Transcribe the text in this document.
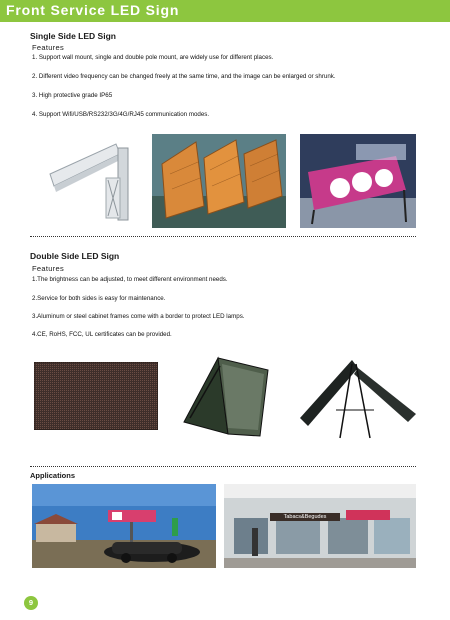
Front Service LED Sign
Single Side LED Sign
Features
1. Support wall mount, single and double pole mount, are widely use for different places.
2. Different video frequency can be changed freely at the same time, and the image can be enlarged or shrunk.
3. High protective grade IP65
4. Support Wifi/USB/RS232/3G/4G/RJ45 communication modes.
Double Side LED Sign
Features
1.The brightness can be adjusted, to meet different environment needs.
2.Service for both sides is easy for maintenance.
3.Aluminum or steel cabinet frames come with a border to protect LED lamps.
4.CE, RoHS, FCC, UL certificates can be provided.
Applications
Tabacs&Begudes
9
